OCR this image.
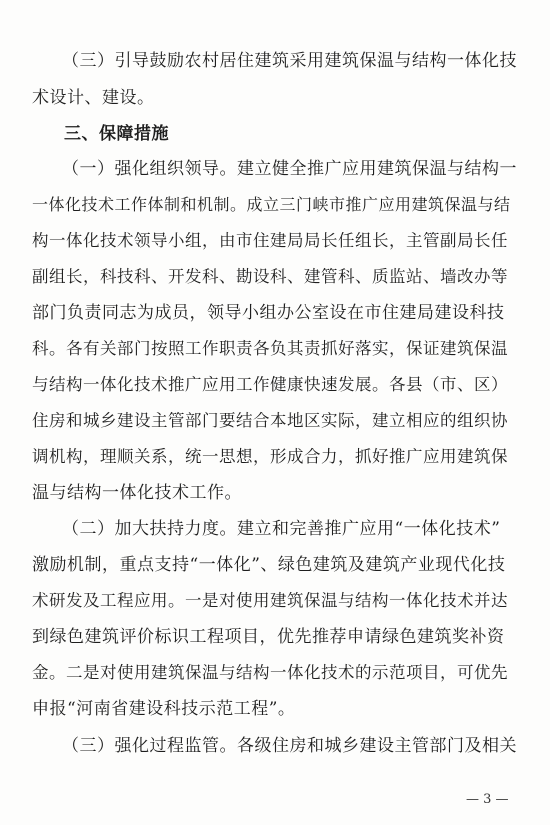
（三）引导鼓励农村居住建筑采用建筑保温与结构一体化技
术设计、建设。
三、保障措施
（一）强化组织领导。建立健全推广应用建筑保温与结构一
一体化技术工作体制和机制。成立三门峡市推广应用建筑保温与结
构一体化技术领导小组，由市住建局局长任组长，主管副局长任
副组长，科技科、开发科、勘设科、建管科、质监站、墙改办等
部门负责同志为成员，领导小组办公室设在市住建局建设科技
科。各有关部门按照工作职责各负其责抓好落实，保证建筑保温
与结构一体化技术推广应用工作健康快速发展。各县（市、区）
住房和城乡建设主管部门要结合本地区实际，建立相应的组织协
调机构，理顺关系，统一思想，形成合力，抓好推广应用建筑保
温与结构一体化技术工作。
（二）加大扶持力度。建立和完善推广应用“一体化技术”
激励机制，重点支持“一体化”、绿色建筑及建筑产业现代化技
术研发及工程应用。一是对使用建筑保温与结构一体化技术并达
到绿色建筑评价标识工程项目，优先推荐申请绿色建筑奖补资
金。二是对使用建筑保温与结构一体化技术的示范项目，可优先
申报“河南省建设科技示范工程”。
（三）强化过程监管。各级住房和城乡建设主管部门及相关
— 3 —
